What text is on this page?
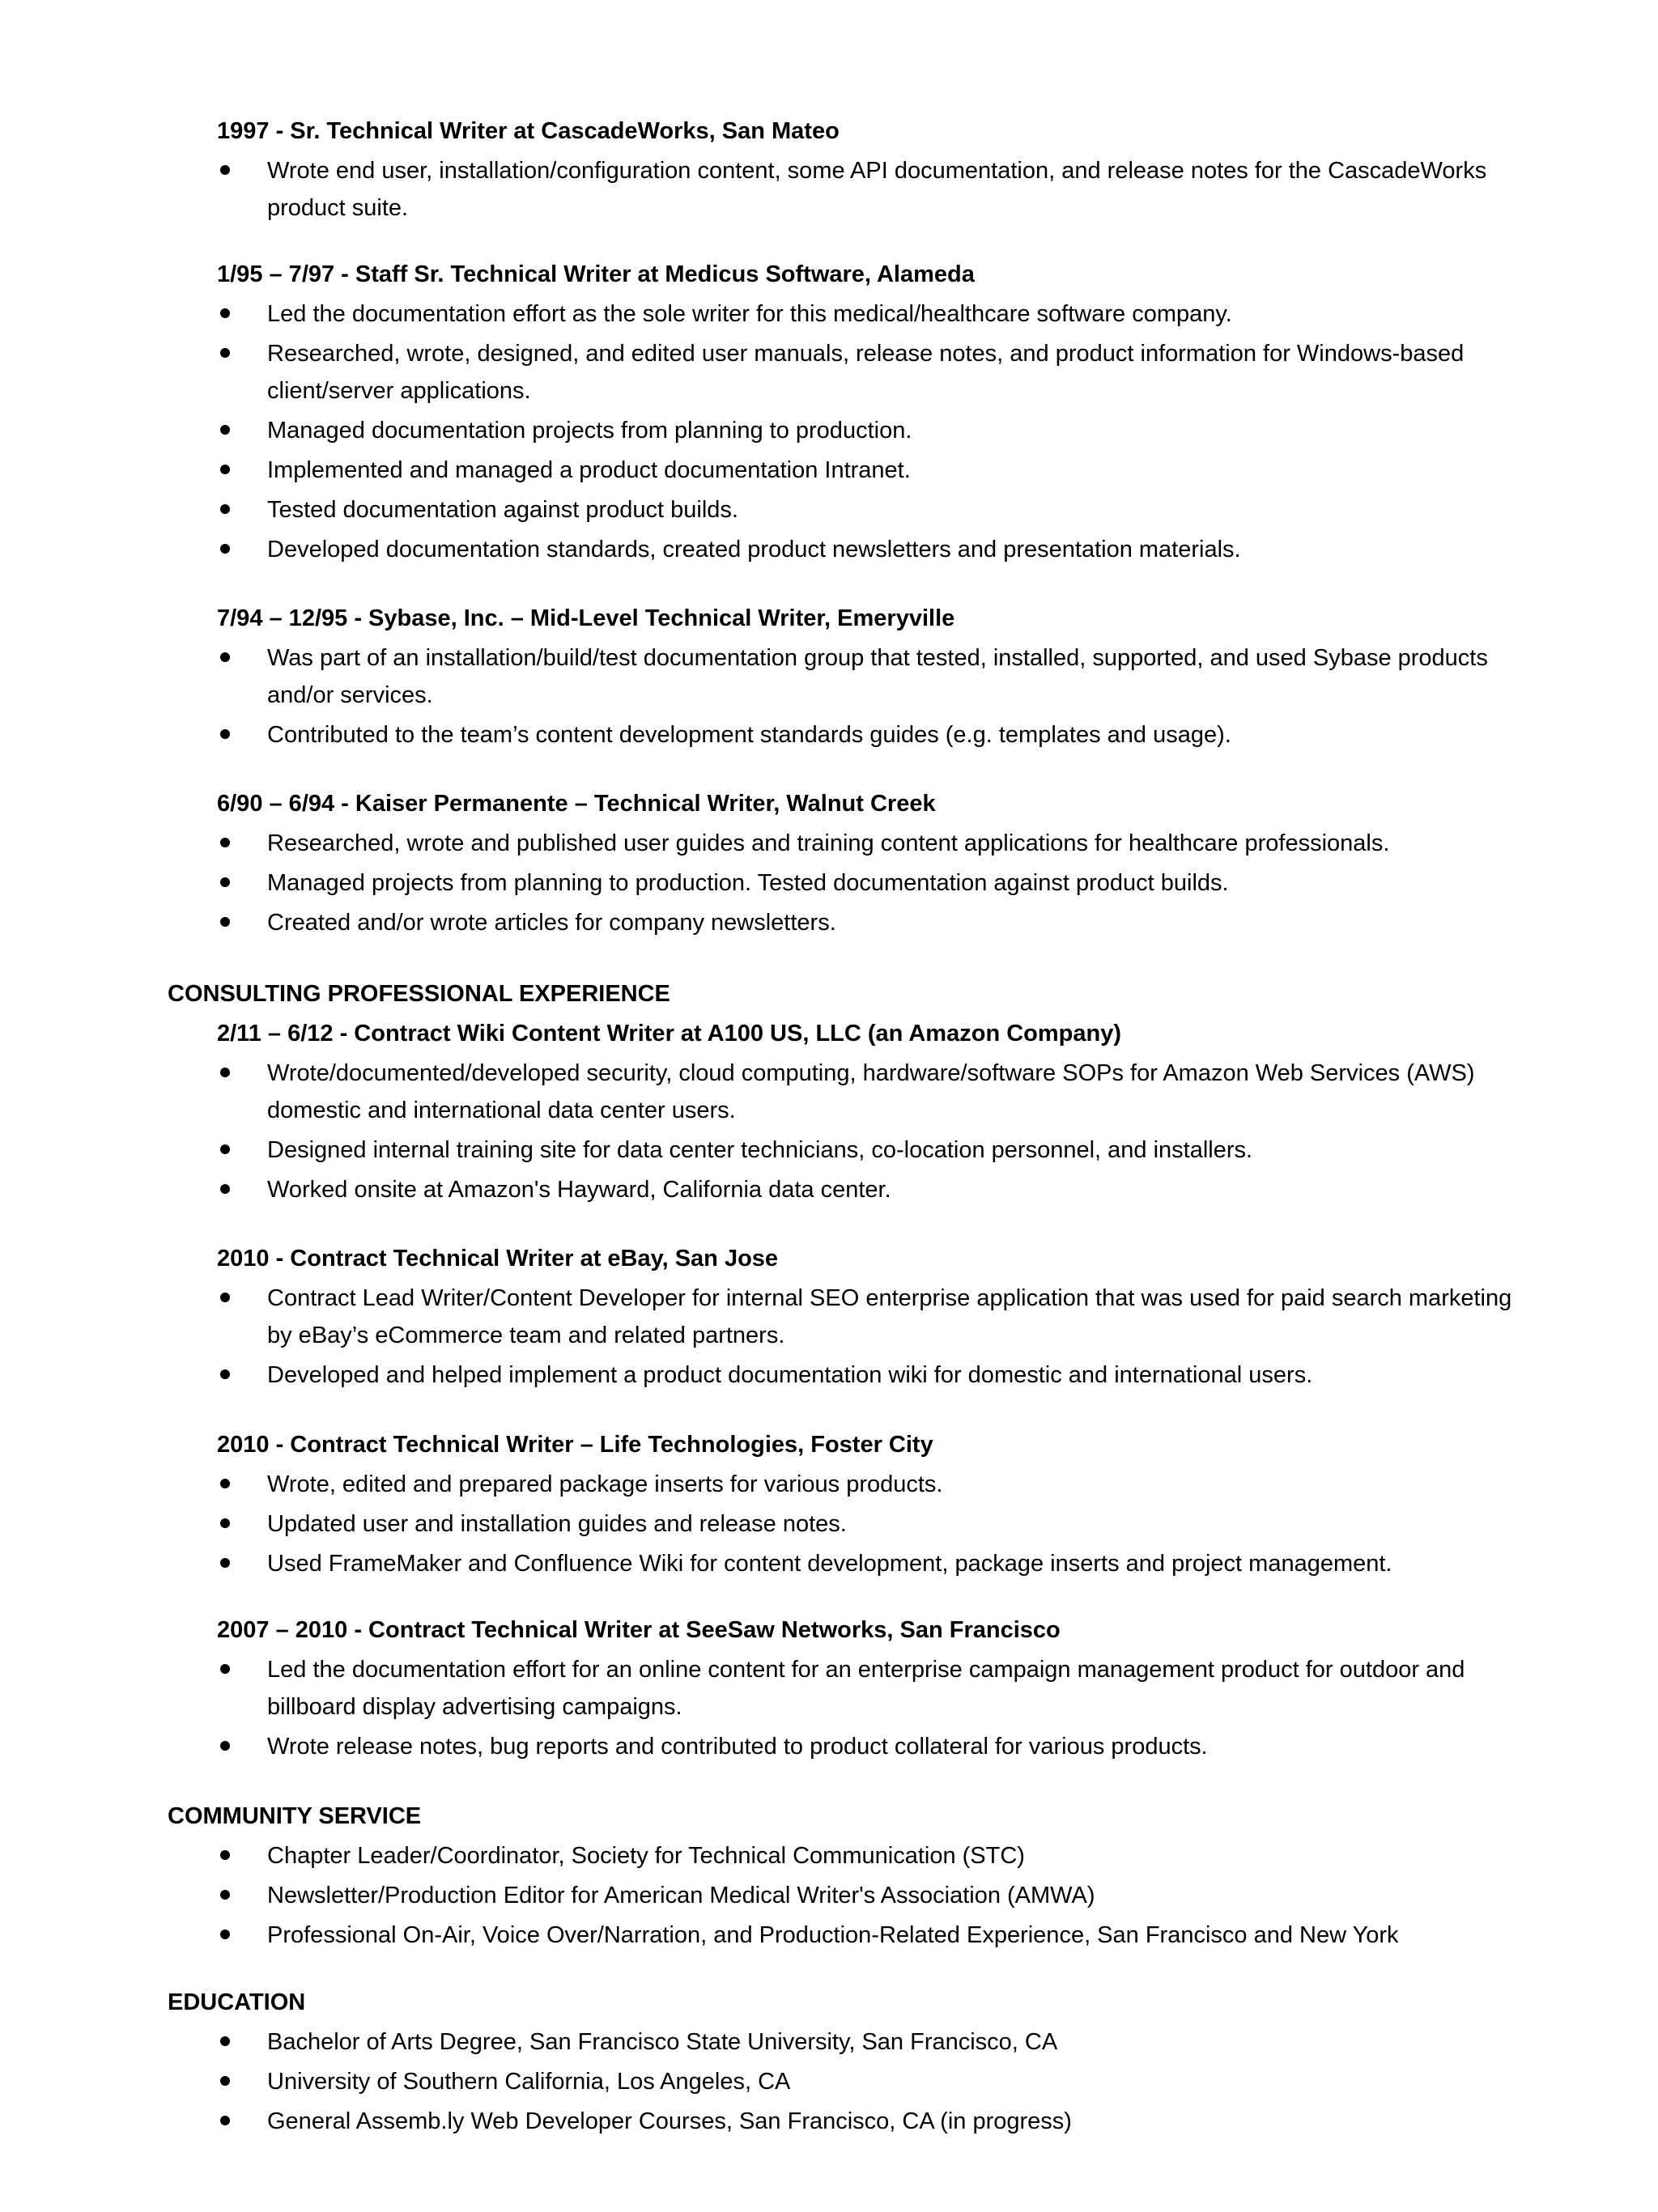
1997 - Sr. Technical Writer at CascadeWorks, San Mateo
Wrote end user, installation/configuration content, some API documentation, and release notes for the CascadeWorks product suite.
1/95 – 7/97 - Staff Sr. Technical Writer at Medicus Software, Alameda
Led the documentation effort as the sole writer for this medical/healthcare software company.
Researched, wrote, designed, and edited user manuals, release notes, and product information for Windows-based client/server applications.
Managed documentation projects from planning to production.
Implemented and managed a product documentation Intranet.
Tested documentation against product builds.
Developed documentation standards, created product newsletters and presentation materials.
7/94 – 12/95 - Sybase, Inc. – Mid-Level Technical Writer, Emeryville
Was part of an installation/build/test documentation group that tested, installed, supported, and used Sybase products and/or services.
Contributed to the team’s content development standards guides (e.g. templates and usage).
6/90 – 6/94 - Kaiser Permanente – Technical Writer, Walnut Creek
Researched, wrote and published user guides and training content applications for healthcare professionals.
Managed projects from planning to production. Tested documentation against product builds.
Created and/or wrote articles for company newsletters.
CONSULTING PROFESSIONAL EXPERIENCE
2/11 – 6/12 - Contract Wiki Content Writer at A100 US, LLC (an Amazon Company)
Wrote/documented/developed security, cloud computing, hardware/software SOPs for Amazon Web Services (AWS) domestic and international data center users.
Designed internal training site for data center technicians, co-location personnel, and installers.
Worked onsite at Amazon's Hayward, California data center.
2010 - Contract Technical Writer at eBay, San Jose
Contract Lead Writer/Content Developer for internal SEO enterprise application that was used for paid search marketing by eBay’s eCommerce team and related partners.
Developed and helped implement a product documentation wiki for domestic and international users.
2010 - Contract Technical Writer – Life Technologies, Foster City
Wrote, edited and prepared package inserts for various products.
Updated user and installation guides and release notes.
Used FrameMaker and Confluence Wiki for content development, package inserts and project management.
2007 – 2010 - Contract Technical Writer at SeeSaw Networks, San Francisco
Led the documentation effort for an online content for an enterprise campaign management product for outdoor and billboard display advertising campaigns.
Wrote release notes, bug reports and contributed to product collateral for various products.
COMMUNITY SERVICE
Chapter Leader/Coordinator, Society for Technical Communication (STC)
Newsletter/Production Editor for American Medical Writer's Association (AMWA)
Professional On-Air, Voice Over/Narration, and Production-Related Experience, San Francisco and New York
EDUCATION
Bachelor of Arts Degree, San Francisco State University, San Francisco, CA
University of Southern California, Los Angeles, CA
General Assemb.ly Web Developer Courses, San Francisco, CA (in progress)
